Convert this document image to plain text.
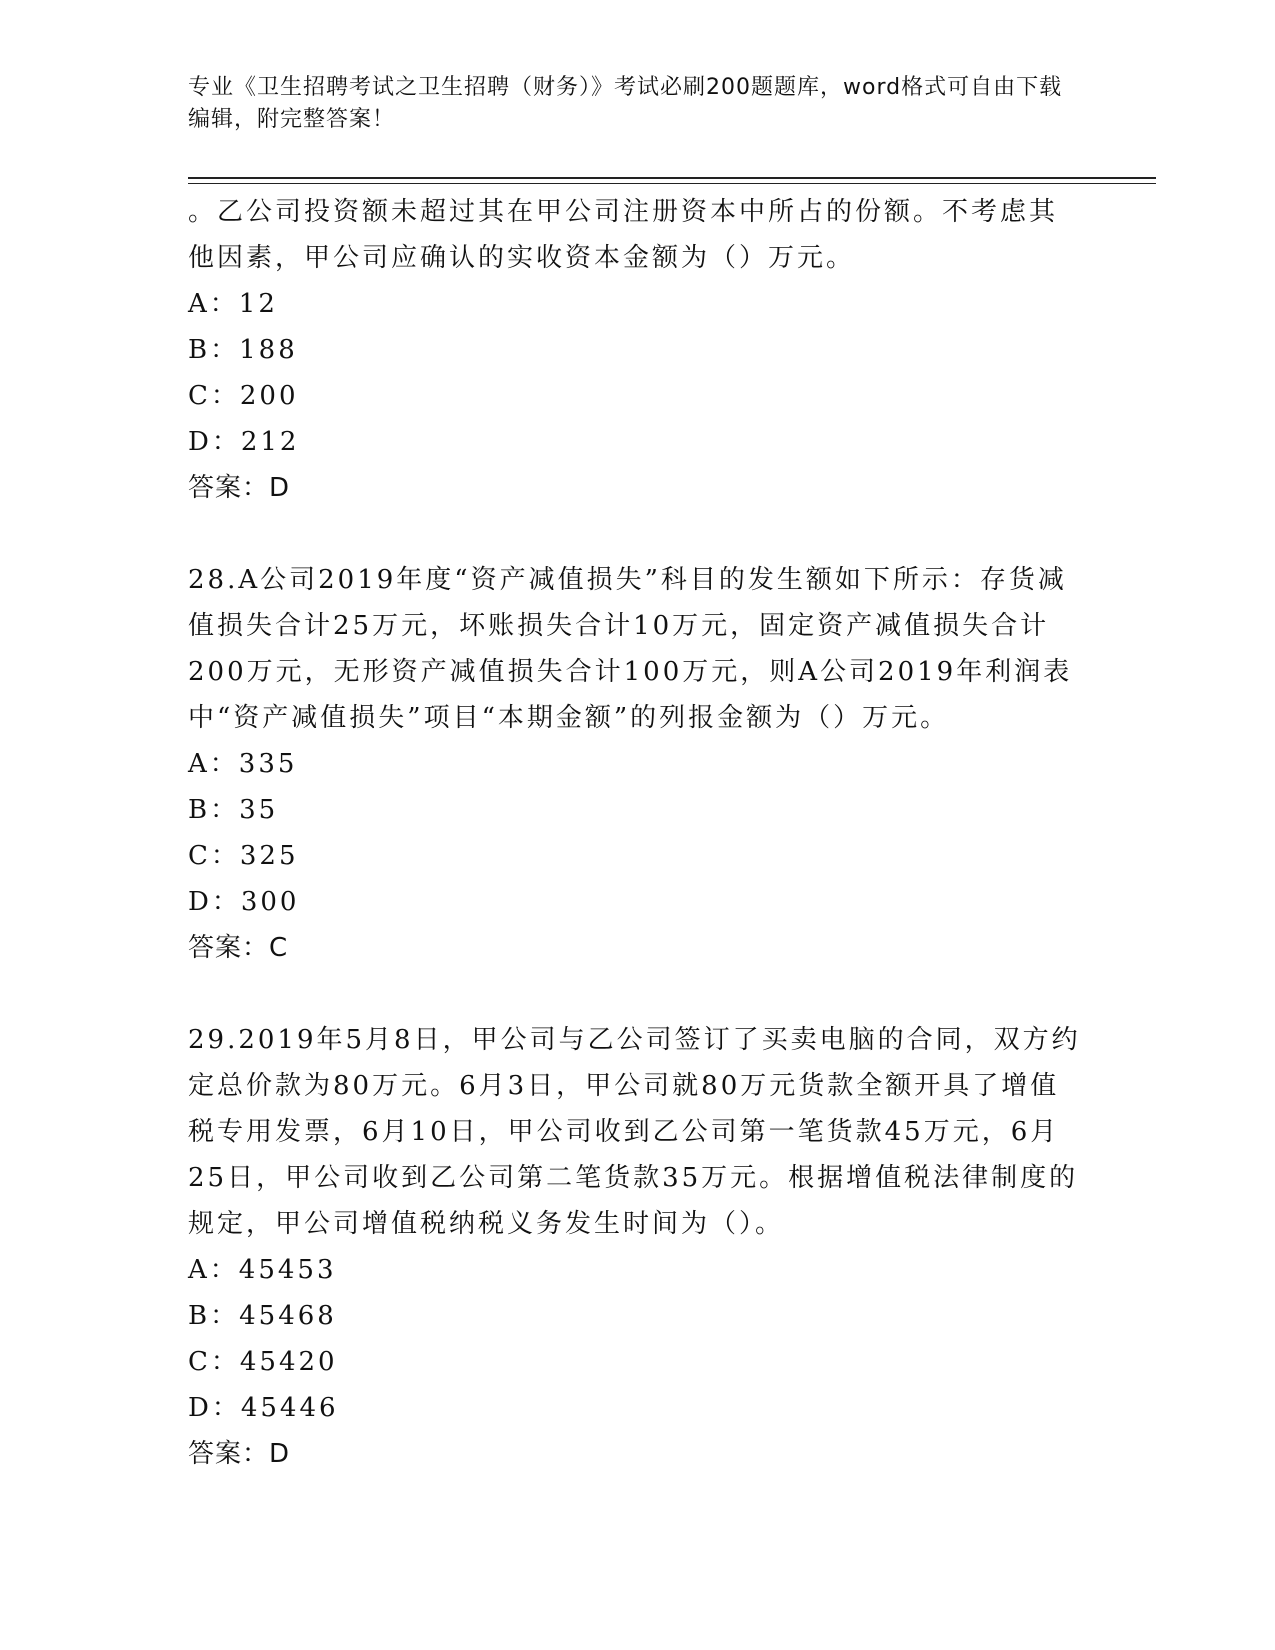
专业《卫生招聘考试之卫生招聘（财务）》考试必刷200题题库，word格式可自由下载编辑，附完整答案！

。乙公司投资额未超过其在甲公司注册资本中所占的份额。不考虑其

他因素，甲公司应确认的实收资本金额为（）万元。

A：12

B：188

C：200

D：212

答案：D

28.A公司2019年度“资产减值损失”科目的发生额如下所示：存货减

值损失合计25万元，坏账损失合计10万元，固定资产减值损失合计

200万元，无形资产减值损失合计100万元，则A公司2019年利润表

中“资产减值损失”项目“本期金额”的列报金额为（）万元。

A：335

B：35

C：325

D：300

答案：C

29.2019年5月8日，甲公司与乙公司签订了买卖电脑的合同，双方约

定总价款为80万元。6月3日，甲公司就80万元货款全额开具了增值

税专用发票，6月10日，甲公司收到乙公司第一笔货款45万元，6月

25日，甲公司收到乙公司第二笔货款35万元。根据增值税法律制度的

规定，甲公司增值税纳税义务发生时间为（）。

A：45453

B：45468

C：45420

D：45446

答案：D
